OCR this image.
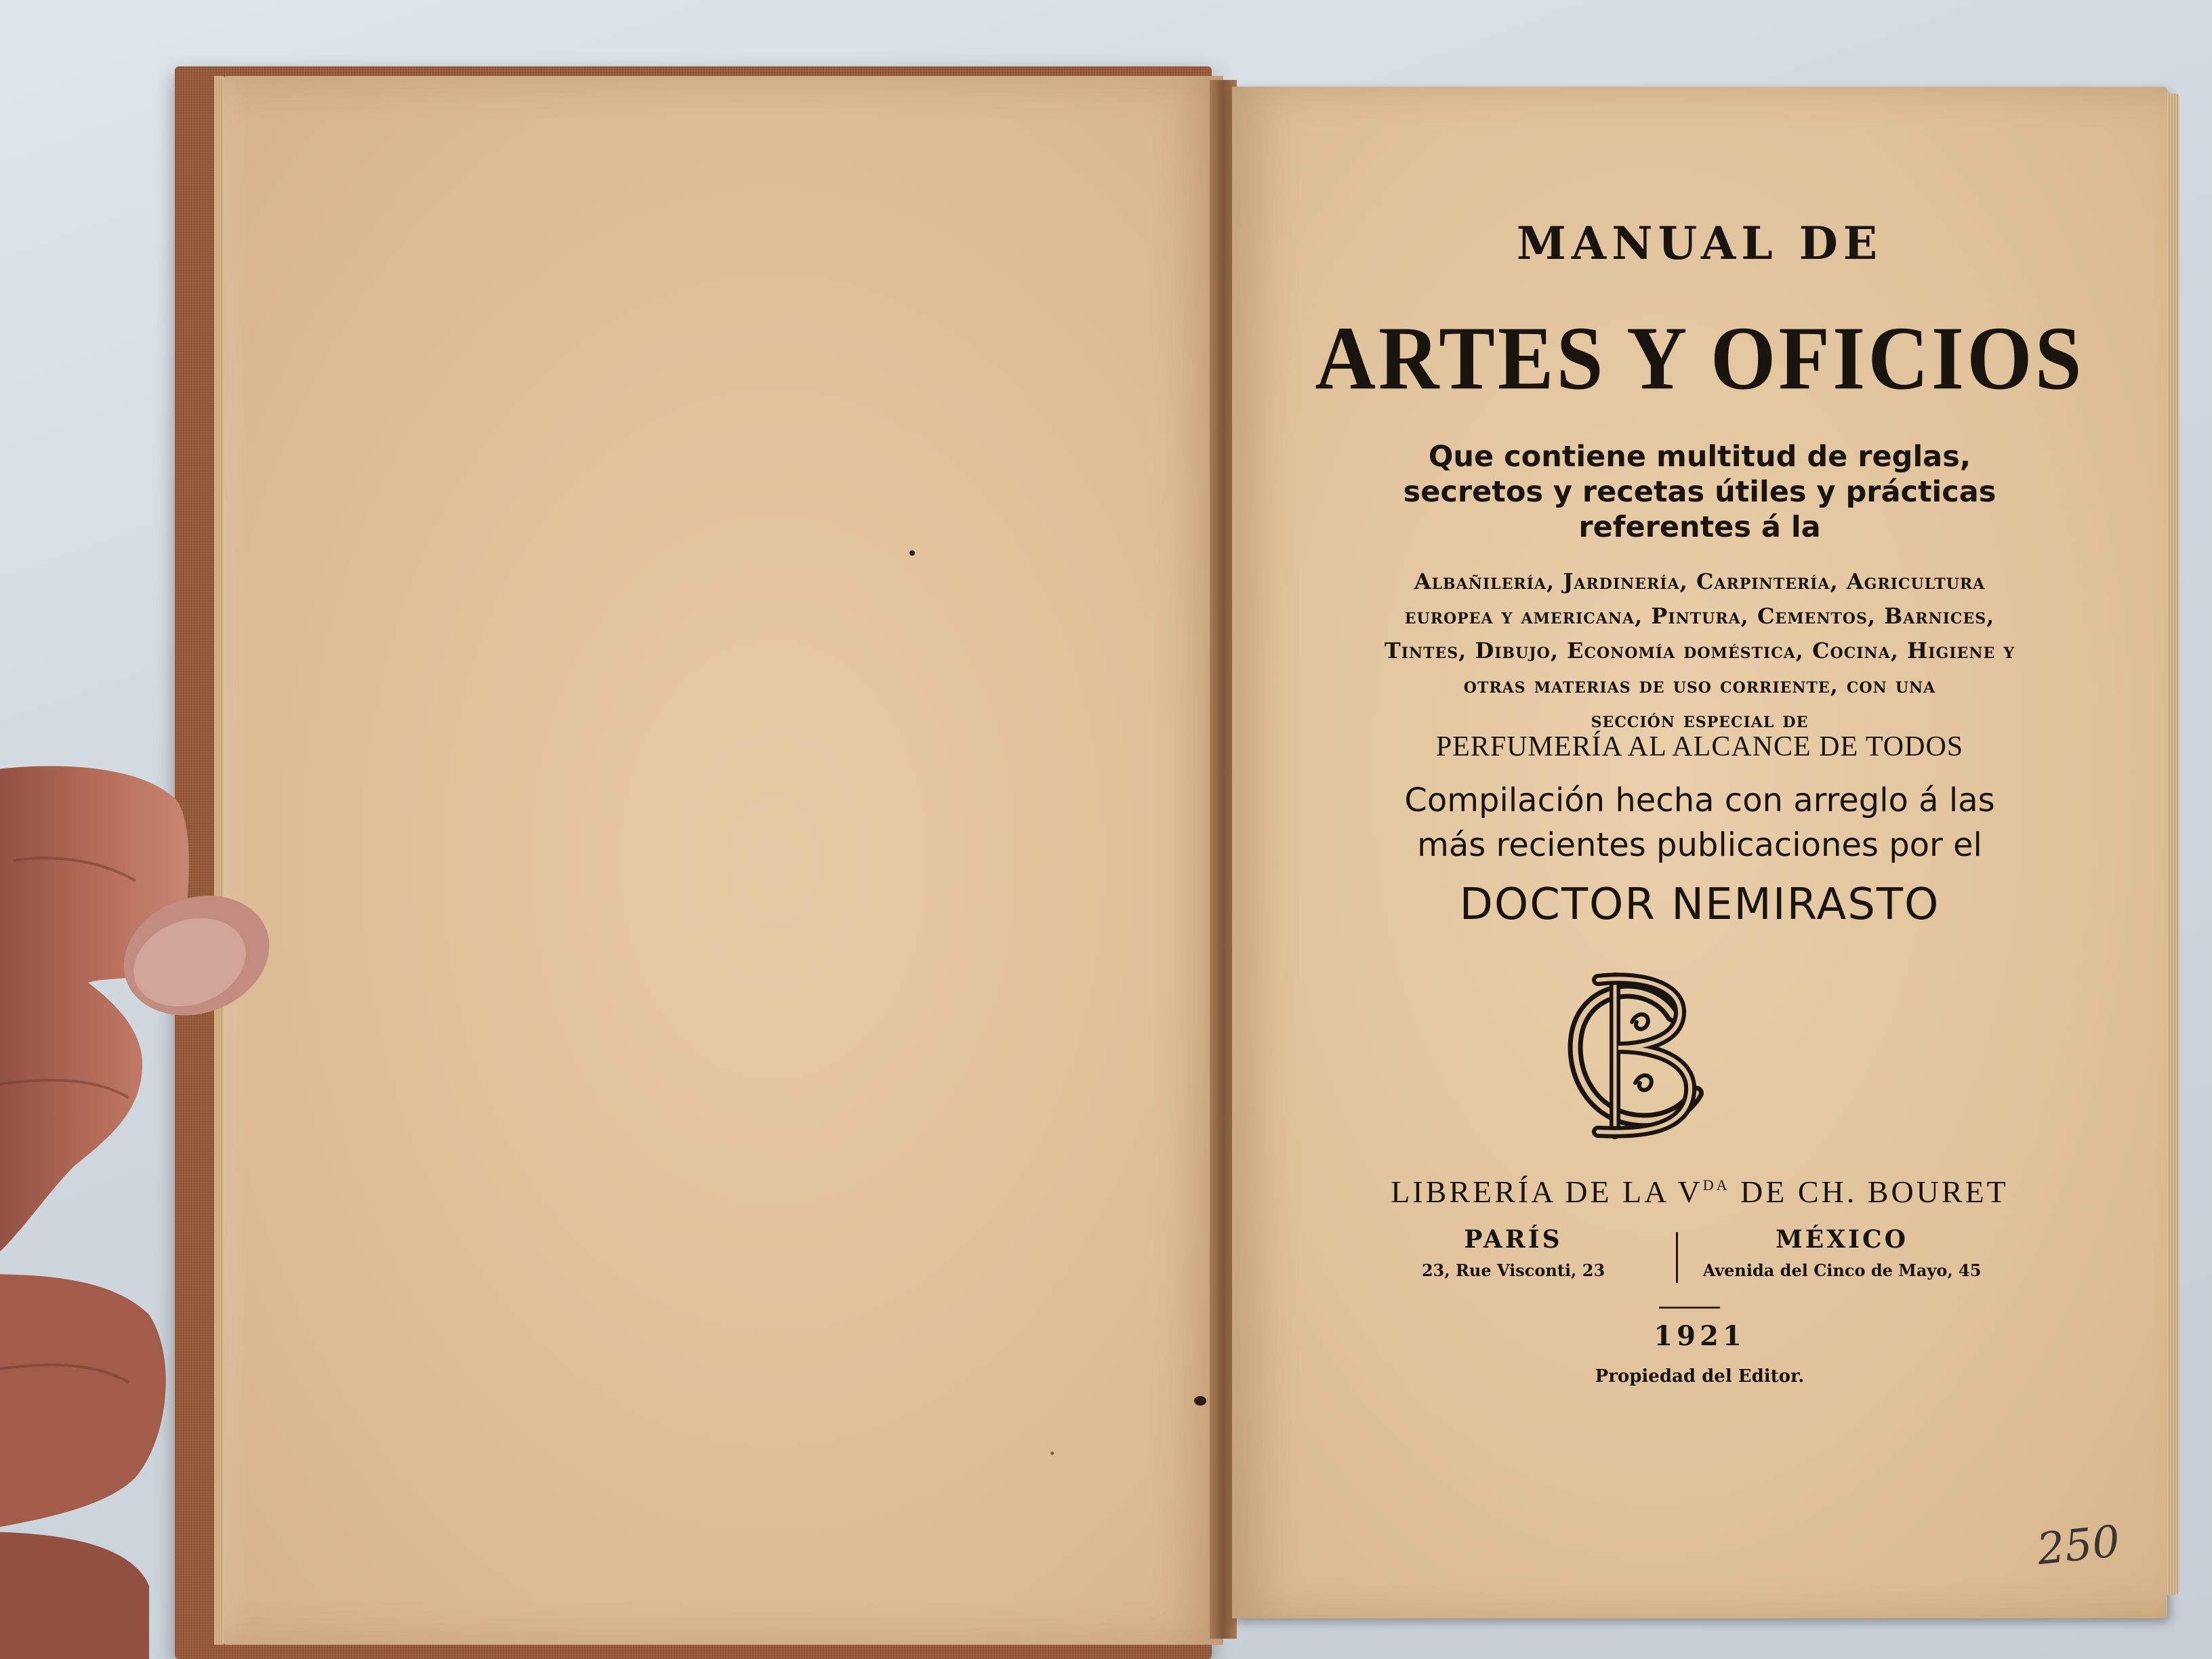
MANUAL DE
ARTES Y OFICIOS
Que contiene multitud de reglas,
secretos y recetas útiles y prácticas
referentes á la
Albañilería, Jardinería, Carpintería, Agricultura
europea y americana, Pintura, Cementos, Barnices,
Tintes, Dibujo, Economía doméstica, Cocina, Higiene y
otras materias de uso corriente, con una
sección especial de
PERFUMERÍA AL ALCANCE DE TODOS
Compilación hecha con arreglo á las
más recientes publicaciones por el
DOCTOR NEMIRASTO
LIBRERÍA DE LA $V^{DA}$ DE CH. BOURET
PARÍS
23, Rue Visconti, 23
MÉXICO
Avenida del Cinco de Mayo, 45
1921
Propiedad del Editor.
250
